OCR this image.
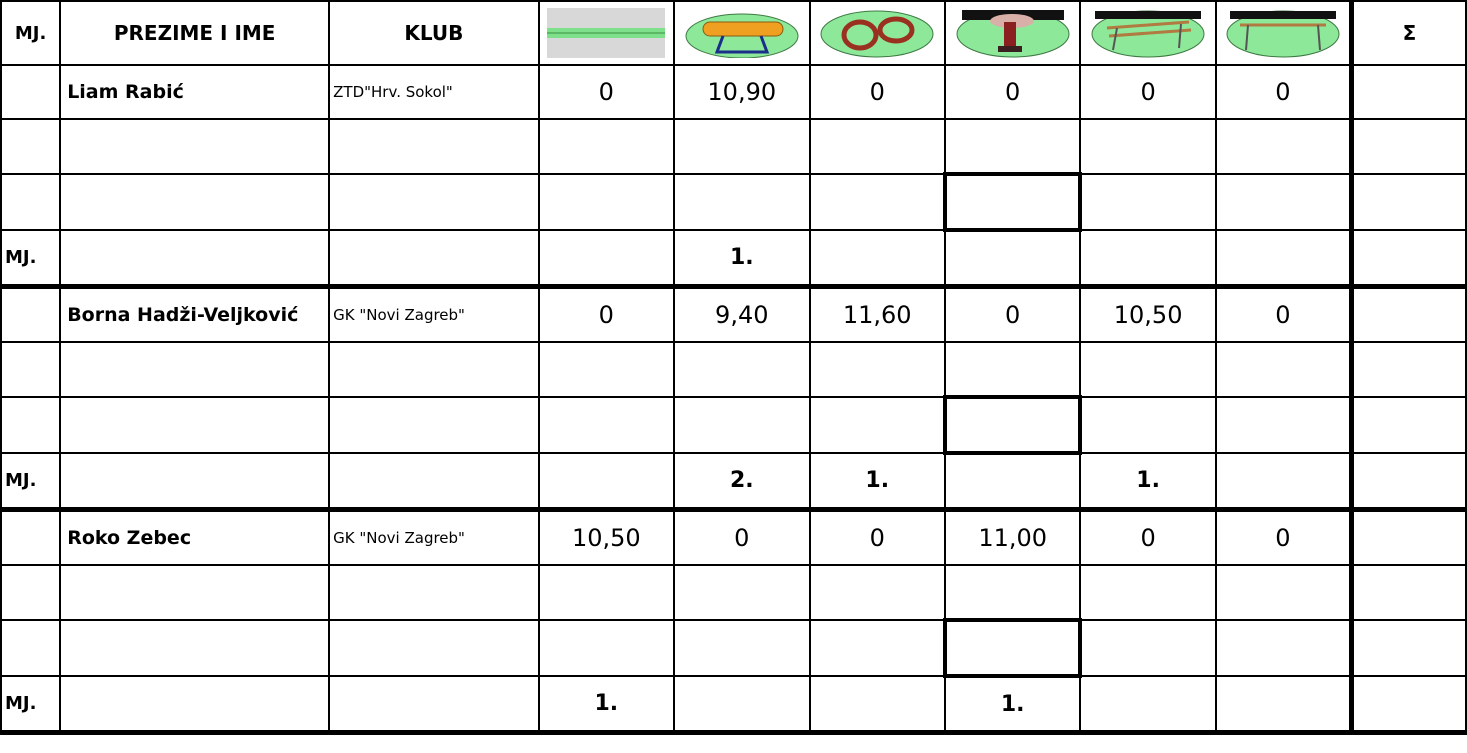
MJ.	PREZIME I IME	KLUB							Σ
	Liam Rabić	ZTD"Hrv. Sokol"	0	10,90	0	0	0	0	

MJ.				1.					
	Borna Hadži-Veljković	GK "Novi Zagreb"	0	9,40	11,60	0	10,50	0	

MJ.				2.	1.		1.		
	Roko Zebec	GK "Novi Zagreb"	10,50	0	0	11,00	0	0	

MJ.			1.			1.			
